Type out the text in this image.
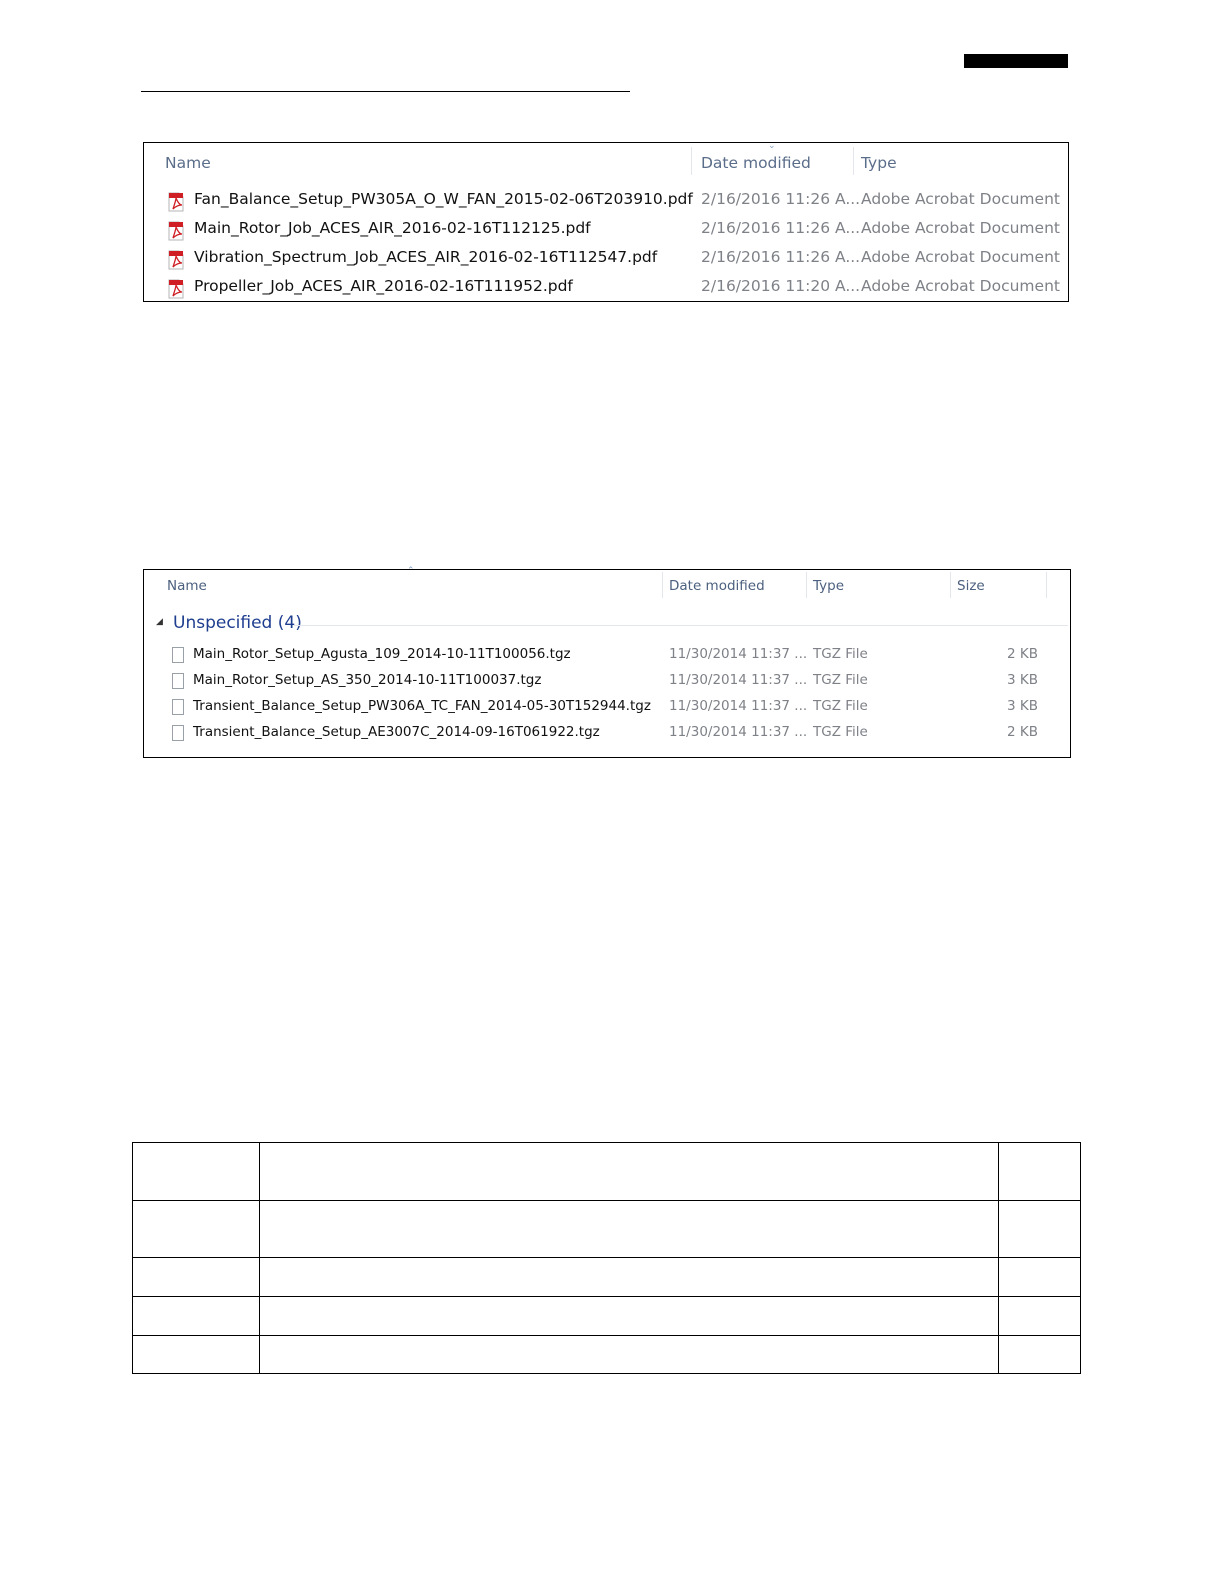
⌄
Name	Date modified	Type
Fan_Balance_Setup_PW305A_O_W_FAN_2015-02-06T203910.pdf 2/16/2016 11:26 A... Adobe Acrobat Document
Main_Rotor_Job_ACES_AIR_2016-02-16T112125.pdf	2/16/2016 11:26 A... Adobe Acrobat Document
Vibration_Spectrum_Job_ACES_AIR_2016-02-16T112547.pdf	2/16/2016 11:26 A... Adobe Acrobat Document
Propeller_Job_ACES_AIR_2016-02-16T111952.pdf	2/16/2016 11:20 A... Adobe Acrobat Document
⌃
Name	Date modified	Type	Size
◢ Unspecified (4)
Main_Rotor_Setup_Agusta_109_2014-10-11T100056.tgz	11/30/2014 11:37 ... TGZ File	2 KB
Main_Rotor_Setup_AS_350_2014-10-11T100037.tgz	11/30/2014 11:37 ... TGZ File	3 KB
Transient_Balance_Setup_PW306A_TC_FAN_2014-05-30T152944.tgz 11/30/2014 11:37 ... TGZ File	3 KB
Transient_Balance_Setup_AE3007C_2014-09-16T061922.tgz	11/30/2014 11:37 ... TGZ File	2 KB
